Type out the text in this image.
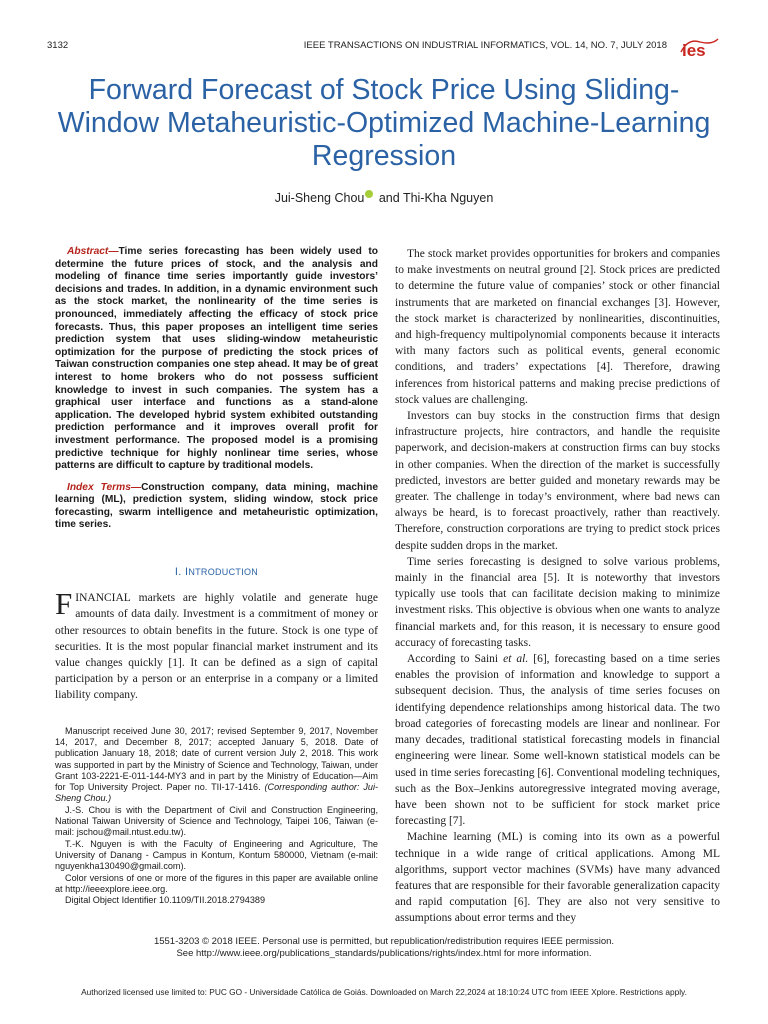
3132	IEEE TRANSACTIONS ON INDUSTRIAL INFORMATICS, VOL. 14, NO. 7, JULY 2018 ies
Forward Forecast of Stock Price Using Sliding-Window Metaheuristic-Optimized Machine-Learning Regression
Jui-Sheng Chou and Thi-Kha Nguyen

Abstract—Time series forecasting has been widely used to determine the future prices of stock, and the analysis and modeling of finance time series importantly guide investors’ decisions and trades. In addition, in a dynamic environment such as the stock market, the nonlinearity of the time series is pronounced, immediately affecting the efficacy of stock price forecasts. Thus, this paper proposes an intelligent time series prediction system that uses sliding-window metaheuristic optimization for the purpose of predicting the stock prices of Taiwan construction companies one step ahead. It may be of great interest to home brokers who do not possess sufficient knowledge to invest in such companies. The system has a graphical user interface and functions as a stand-alone application. The developed hybrid system exhibited outstanding prediction performance and it improves overall profit for investment performance. The proposed model is a promising predictive technique for highly nonlinear time series, whose patterns are difficult to capture by traditional models.

Index Terms—Construction company, data mining, machine learning (ML), prediction system, sliding window, stock price forecasting, swarm intelligence and metaheuristic optimization, time series.

I. INTRODUCTION

FINANCIAL markets are highly volatile and generate huge amounts of data daily. Investment is a commitment of money or other resources to obtain benefits in the future. Stock is one type of securities. It is the most popular financial market instrument and its value changes quickly [1]. It can be defined as a sign of capital participation by a person or an enterprise in a company or a limited liability company.

Manuscript received June 30, 2017; revised September 9, 2017, November 14, 2017, and December 8, 2017; accepted January 5, 2018. Date of publication January 18, 2018; date of current version July 2, 2018. This work was supported in part by the Ministry of Science and Technology, Taiwan, under Grant 103-2221-E-011-144-MY3 and in part by the Ministry of Education—Aim for Top University Project. Paper no. TII-17-1416. (Corresponding author: Jui-Sheng Chou.)

J.-S. Chou is with the Department of Civil and Construction Engineering, National Taiwan University of Science and Technology, Taipei 106, Taiwan (e-mail: jschou@mail.ntust.edu.tw).

T.-K. Nguyen is with the Faculty of Engineering and Agriculture, The University of Danang - Campus in Kontum, Kontum 580000, Vietnam (e-mail: nguyenkha130490@gmail.com).

Color versions of one or more of the figures in this paper are available online at http://ieeexplore.ieee.org.

Digital Object Identifier 10.1109/TII.2018.2794389

The stock market provides opportunities for brokers and companies to make investments on neutral ground [2]. Stock prices are predicted to determine the future value of companies’ stock or other financial instruments that are marketed on financial exchanges [3]. However, the stock market is characterized by nonlinearities, discontinuities, and high-frequency multipolynomial components because it interacts with many factors such as political events, general economic conditions, and traders’ expectations [4]. Therefore, drawing inferences from historical patterns and making precise predictions of stock values are challenging.

Investors can buy stocks in the construction firms that design infrastructure projects, hire contractors, and handle the requisite paperwork, and decision-makers at construction firms can buy stocks in other companies. When the direction of the market is successfully predicted, investors are better guided and monetary rewards may be greater. The challenge in today’s environment, where bad news can always be heard, is to forecast proactively, rather than reactively. Therefore, construction corporations are trying to predict stock prices despite sudden drops in the market.

Time series forecasting is designed to solve various problems, mainly in the financial area [5]. It is noteworthy that investors typically use tools that can facilitate decision making to minimize investment risks. This objective is obvious when one wants to analyze financial markets and, for this reason, it is necessary to ensure good accuracy of forecasting tasks.

According to Saini et al. [6], forecasting based on a time series enables the provision of information and knowledge to support a subsequent decision. Thus, the analysis of time series focuses on identifying dependence relationships among historical data. The two broad categories of forecasting models are linear and nonlinear. For many decades, traditional statistical forecasting models in financial engineering were linear. Some well-known statistical models can be used in time series forecasting [6]. Conventional modeling techniques, such as the Box–Jenkins autoregressive integrated moving average, have been shown not to be sufficient for stock market price forecasting [7].

Machine learning (ML) is coming into its own as a powerful technique in a wide range of critical applications. Among ML algorithms, support vector machines (SVMs) have many advanced features that are responsible for their favorable generalization capacity and rapid computation [6]. They are also not very sensitive to assumptions about error terms and they

1551-3203 © 2018 IEEE. Personal use is permitted, but republication/redistribution requires IEEE permission.
See http://www.ieee.org/publications_standards/publications/rights/index.html for more information.
Authorized licensed use limited to: PUC GO - Universidade Católica de Goiás. Downloaded on March 22,2024 at 18:10:24 UTC from IEEE Xplore. Restrictions apply.
